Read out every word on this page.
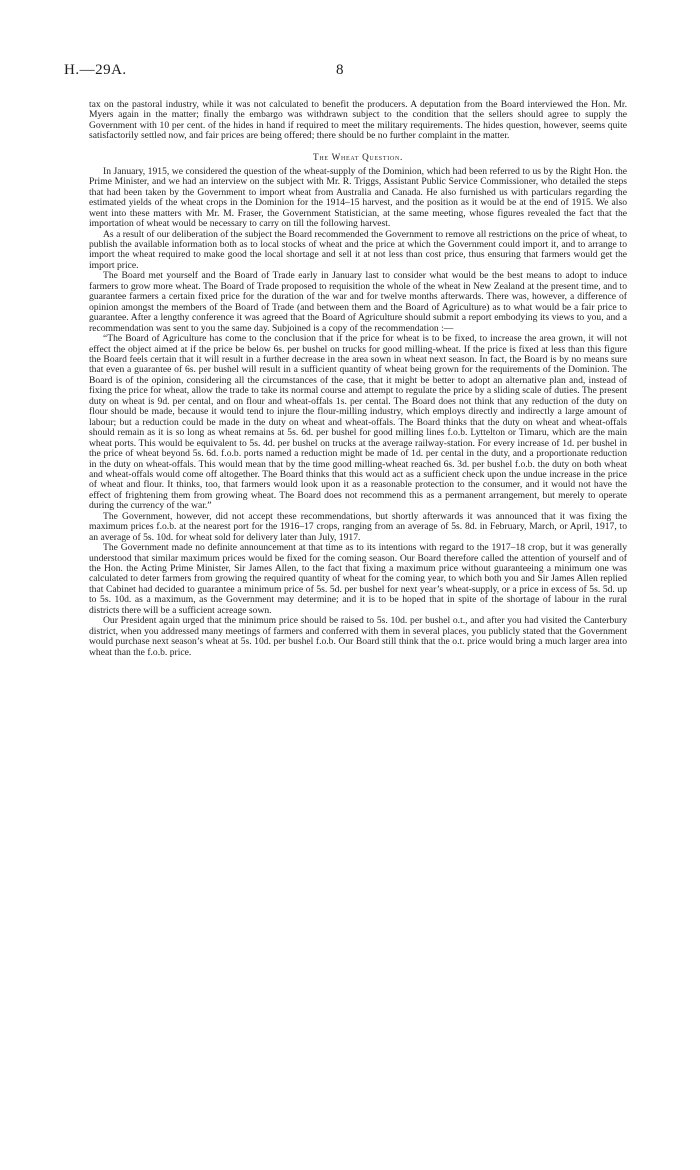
H.—29A.	8

tax on the pastoral industry, while it was not calculated to benefit the producers. A deputation from the Board interviewed the Hon. Mr. Myers again in the matter; finally the embargo was withdrawn subject to the condition that the sellers should agree to supply the Government with 10 per cent. of the hides in hand if required to meet the military requirements. The hides question, however, seems quite satisfactorily settled now, and fair prices are being offered; there should be no further complaint in the matter.

The Wheat Question.

In January, 1915, we considered the question of the wheat-supply of the Dominion, which had been referred to us by the Right Hon. the Prime Minister, and we had an interview on the subject with Mr. R. Triggs, Assistant Public Service Commissioner, who detailed the steps that had been taken by the Government to import wheat from Australia and Canada. He also furnished us with particulars regarding the estimated yields of the wheat crops in the Dominion for the 1914–15 harvest, and the position as it would be at the end of 1915. We also went into these matters with Mr. M. Fraser, the Government Statistician, at the same meeting, whose figures revealed the fact that the importation of wheat would be necessary to carry on till the following harvest.

As a result of our deliberation of the subject the Board recommended the Government to remove all restrictions on the price of wheat, to publish the available information both as to local stocks of wheat and the price at which the Government could import it, and to arrange to import the wheat required to make good the local shortage and sell it at not less than cost price, thus ensuring that farmers would get the import price.

The Board met yourself and the Board of Trade early in January last to consider what would be the best means to adopt to induce farmers to grow more wheat. The Board of Trade proposed to requisition the whole of the wheat in New Zealand at the present time, and to guarantee farmers a certain fixed price for the duration of the war and for twelve months afterwards. There was, however, a difference of opinion amongst the members of the Board of Trade (and between them and the Board of Agriculture) as to what would be a fair price to guarantee. After a lengthy conference it was agreed that the Board of Agriculture should submit a report embodying its views to you, and a recommendation was sent to you the same day. Subjoined is a copy of the recommendation :—

“The Board of Agriculture has come to the conclusion that if the price for wheat is to be fixed, to increase the area grown, it will not effect the object aimed at if the price be below 6s. per bushel on trucks for good milling-wheat. If the price is fixed at less than this figure the Board feels certain that it will result in a further decrease in the area sown in wheat next season. In fact, the Board is by no means sure that even a guarantee of 6s. per bushel will result in a sufficient quantity of wheat being grown for the requirements of the Dominion. The Board is of the opinion, considering all the circumstances of the case, that it might be better to adopt an alternative plan and, instead of fixing the price for wheat, allow the trade to take its normal course and attempt to regulate the price by a sliding scale of duties. The present duty on wheat is 9d. per cental, and on flour and wheat-offals 1s. per cental. The Board does not think that any reduction of the duty on flour should be made, because it would tend to injure the flour-milling industry, which employs directly and indirectly a large amount of labour; but a reduction could be made in the duty on wheat and wheat-offals. The Board thinks that the duty on wheat and wheat-offals should remain as it is so long as wheat remains at 5s. 6d. per bushel for good milling lines f.o.b. Lyttelton or Timaru, which are the main wheat ports. This would be equivalent to 5s. 4d. per bushel on trucks at the average railway-station. For every increase of 1d. per bushel in the price of wheat beyond 5s. 6d. f.o.b. ports named a reduction might be made of 1d. per cental in the duty, and a proportionate reduction in the duty on wheat-offals. This would mean that by the time good milling-wheat reached 6s. 3d. per bushel f.o.b. the duty on both wheat and wheat-offals would come off altogether. The Board thinks that this would act as a sufficient check upon the undue increase in the price of wheat and flour. It thinks, too, that farmers would look upon it as a reasonable protection to the consumer, and it would not have the effect of frightening them from growing wheat. The Board does not recommend this as a permanent arrangement, but merely to operate during the currency of the war.”

The Government, however, did not accept these recommendations, but shortly afterwards it was announced that it was fixing the maximum prices f.o.b. at the nearest port for the 1916–17 crops, ranging from an average of 5s. 8d. in February, March, or April, 1917, to an average of 5s. 10d. for wheat sold for delivery later than July, 1917.

The Government made no definite announcement at that time as to its intentions with regard to the 1917–18 crop, but it was generally understood that similar maximum prices would be fixed for the coming season. Our Board therefore called the attention of yourself and of the Hon. the Acting Prime Minister, Sir James Allen, to the fact that fixing a maximum price without guaranteeing a minimum one was calculated to deter farmers from growing the required quantity of wheat for the coming year, to which both you and Sir James Allen replied that Cabinet had decided to guarantee a minimum price of 5s. 5d. per bushel for next year’s wheat-supply, or a price in excess of 5s. 5d. up to 5s. 10d. as a maximum, as the Government may determine; and it is to be hoped that in spite of the shortage of labour in the rural districts there will be a sufficient acreage sown.

Our President again urged that the minimum price should be raised to 5s. 10d. per bushel o.t., and after you had visited the Canterbury district, when you addressed many meetings of farmers and conferred with them in several places, you publicly stated that the Government would purchase next season’s wheat at 5s. 10d. per bushel f.o.b. Our Board still think that the o.t. price would bring a much larger area into wheat than the f.o.b. price.
